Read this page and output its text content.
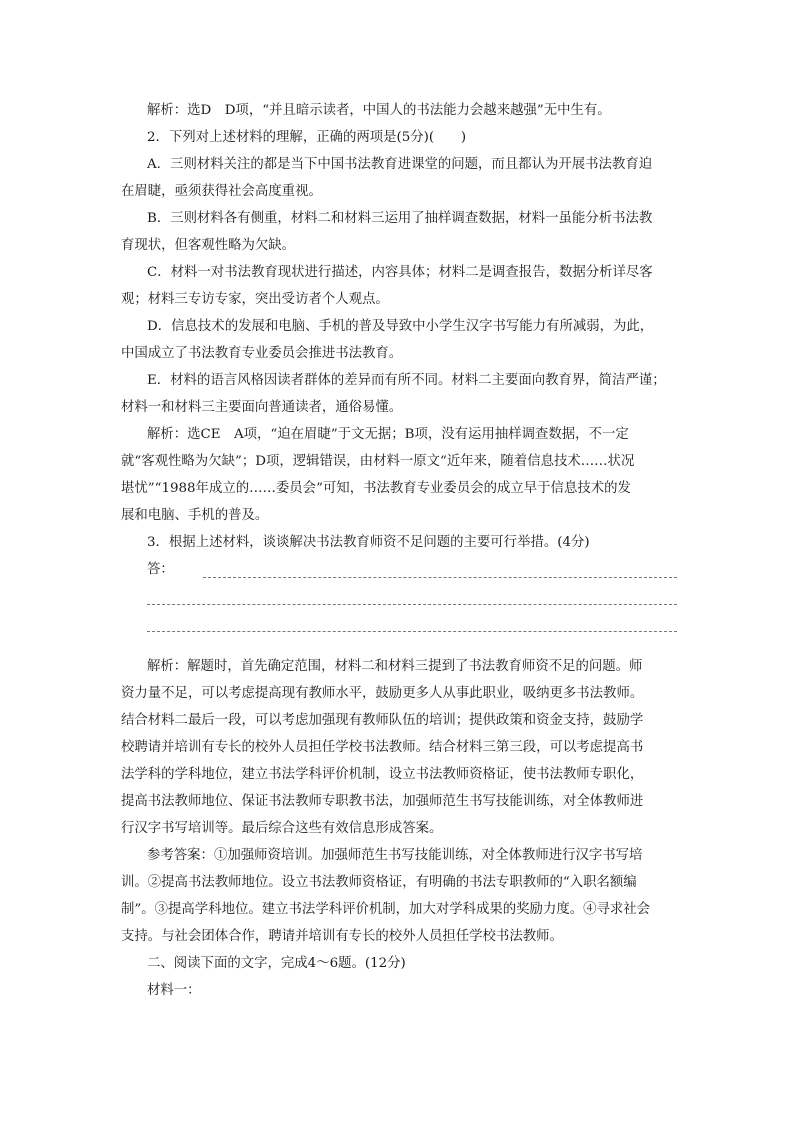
解析：选D　D项，“并且暗示读者，中国人的书法能力会越来越强”无中生有。

2．下列对上述材料的理解，正确的两项是(5分)(　　)

A．三则材料关注的都是当下中国书法教育进课堂的问题，而且都认为开展书法教育迫

在眉睫，亟须获得社会高度重视。

B．三则材料各有侧重，材料二和材料三运用了抽样调查数据，材料一虽能分析书法教

育现状，但客观性略为欠缺。

C．材料一对书法教育现状进行描述，内容具体；材料二是调查报告，数据分析详尽客

观；材料三专访专家，突出受访者个人观点。

D．信息技术的发展和电脑、手机的普及导致中小学生汉字书写能力有所减弱，为此，

中国成立了书法教育专业委员会推进书法教育。

E．材料的语言风格因读者群体的差异而有所不同。材料二主要面向教育界，简洁严谨；

材料一和材料三主要面向普通读者，通俗易懂。

解析：选CE　A项，“迫在眉睫”于文无据；B项，没有运用抽样调查数据，不一定

就“客观性略为欠缺”；D项，逻辑错误，由材料一原文“近年来，随着信息技术……状况

堪忧”“1988年成立的……委员会”可知，书法教育专业委员会的成立早于信息技术的发

展和电脑、手机的普及。

3．根据上述材料，谈谈解决书法教育师资不足问题的主要可行举措。(4分)

答：

解析：解题时，首先确定范围，材料二和材料三提到了书法教育师资不足的问题。师

资力量不足，可以考虑提高现有教师水平，鼓励更多人从事此职业，吸纳更多书法教师。

结合材料二最后一段，可以考虑加强现有教师队伍的培训；提供政策和资金支持，鼓励学

校聘请并培训有专长的校外人员担任学校书法教师。结合材料三第三段，可以考虑提高书

法学科的学科地位，建立书法学科评价机制，设立书法教师资格证，使书法教师专职化，

提高书法教师地位、保证书法教师专职教书法，加强师范生书写技能训练，对全体教师进

行汉字书写培训等。最后综合这些有效信息形成答案。

参考答案：①加强师资培训。加强师范生书写技能训练，对全体教师进行汉字书写培

训。②提高书法教师地位。设立书法教师资格证，有明确的书法专职教师的“入职名额编

制”。③提高学科地位。建立书法学科评价机制，加大对学科成果的奖励力度。④寻求社会

支持。与社会团体合作，聘请并培训有专长的校外人员担任学校书法教师。

二、阅读下面的文字，完成4～6题。(12分)

材料一：
